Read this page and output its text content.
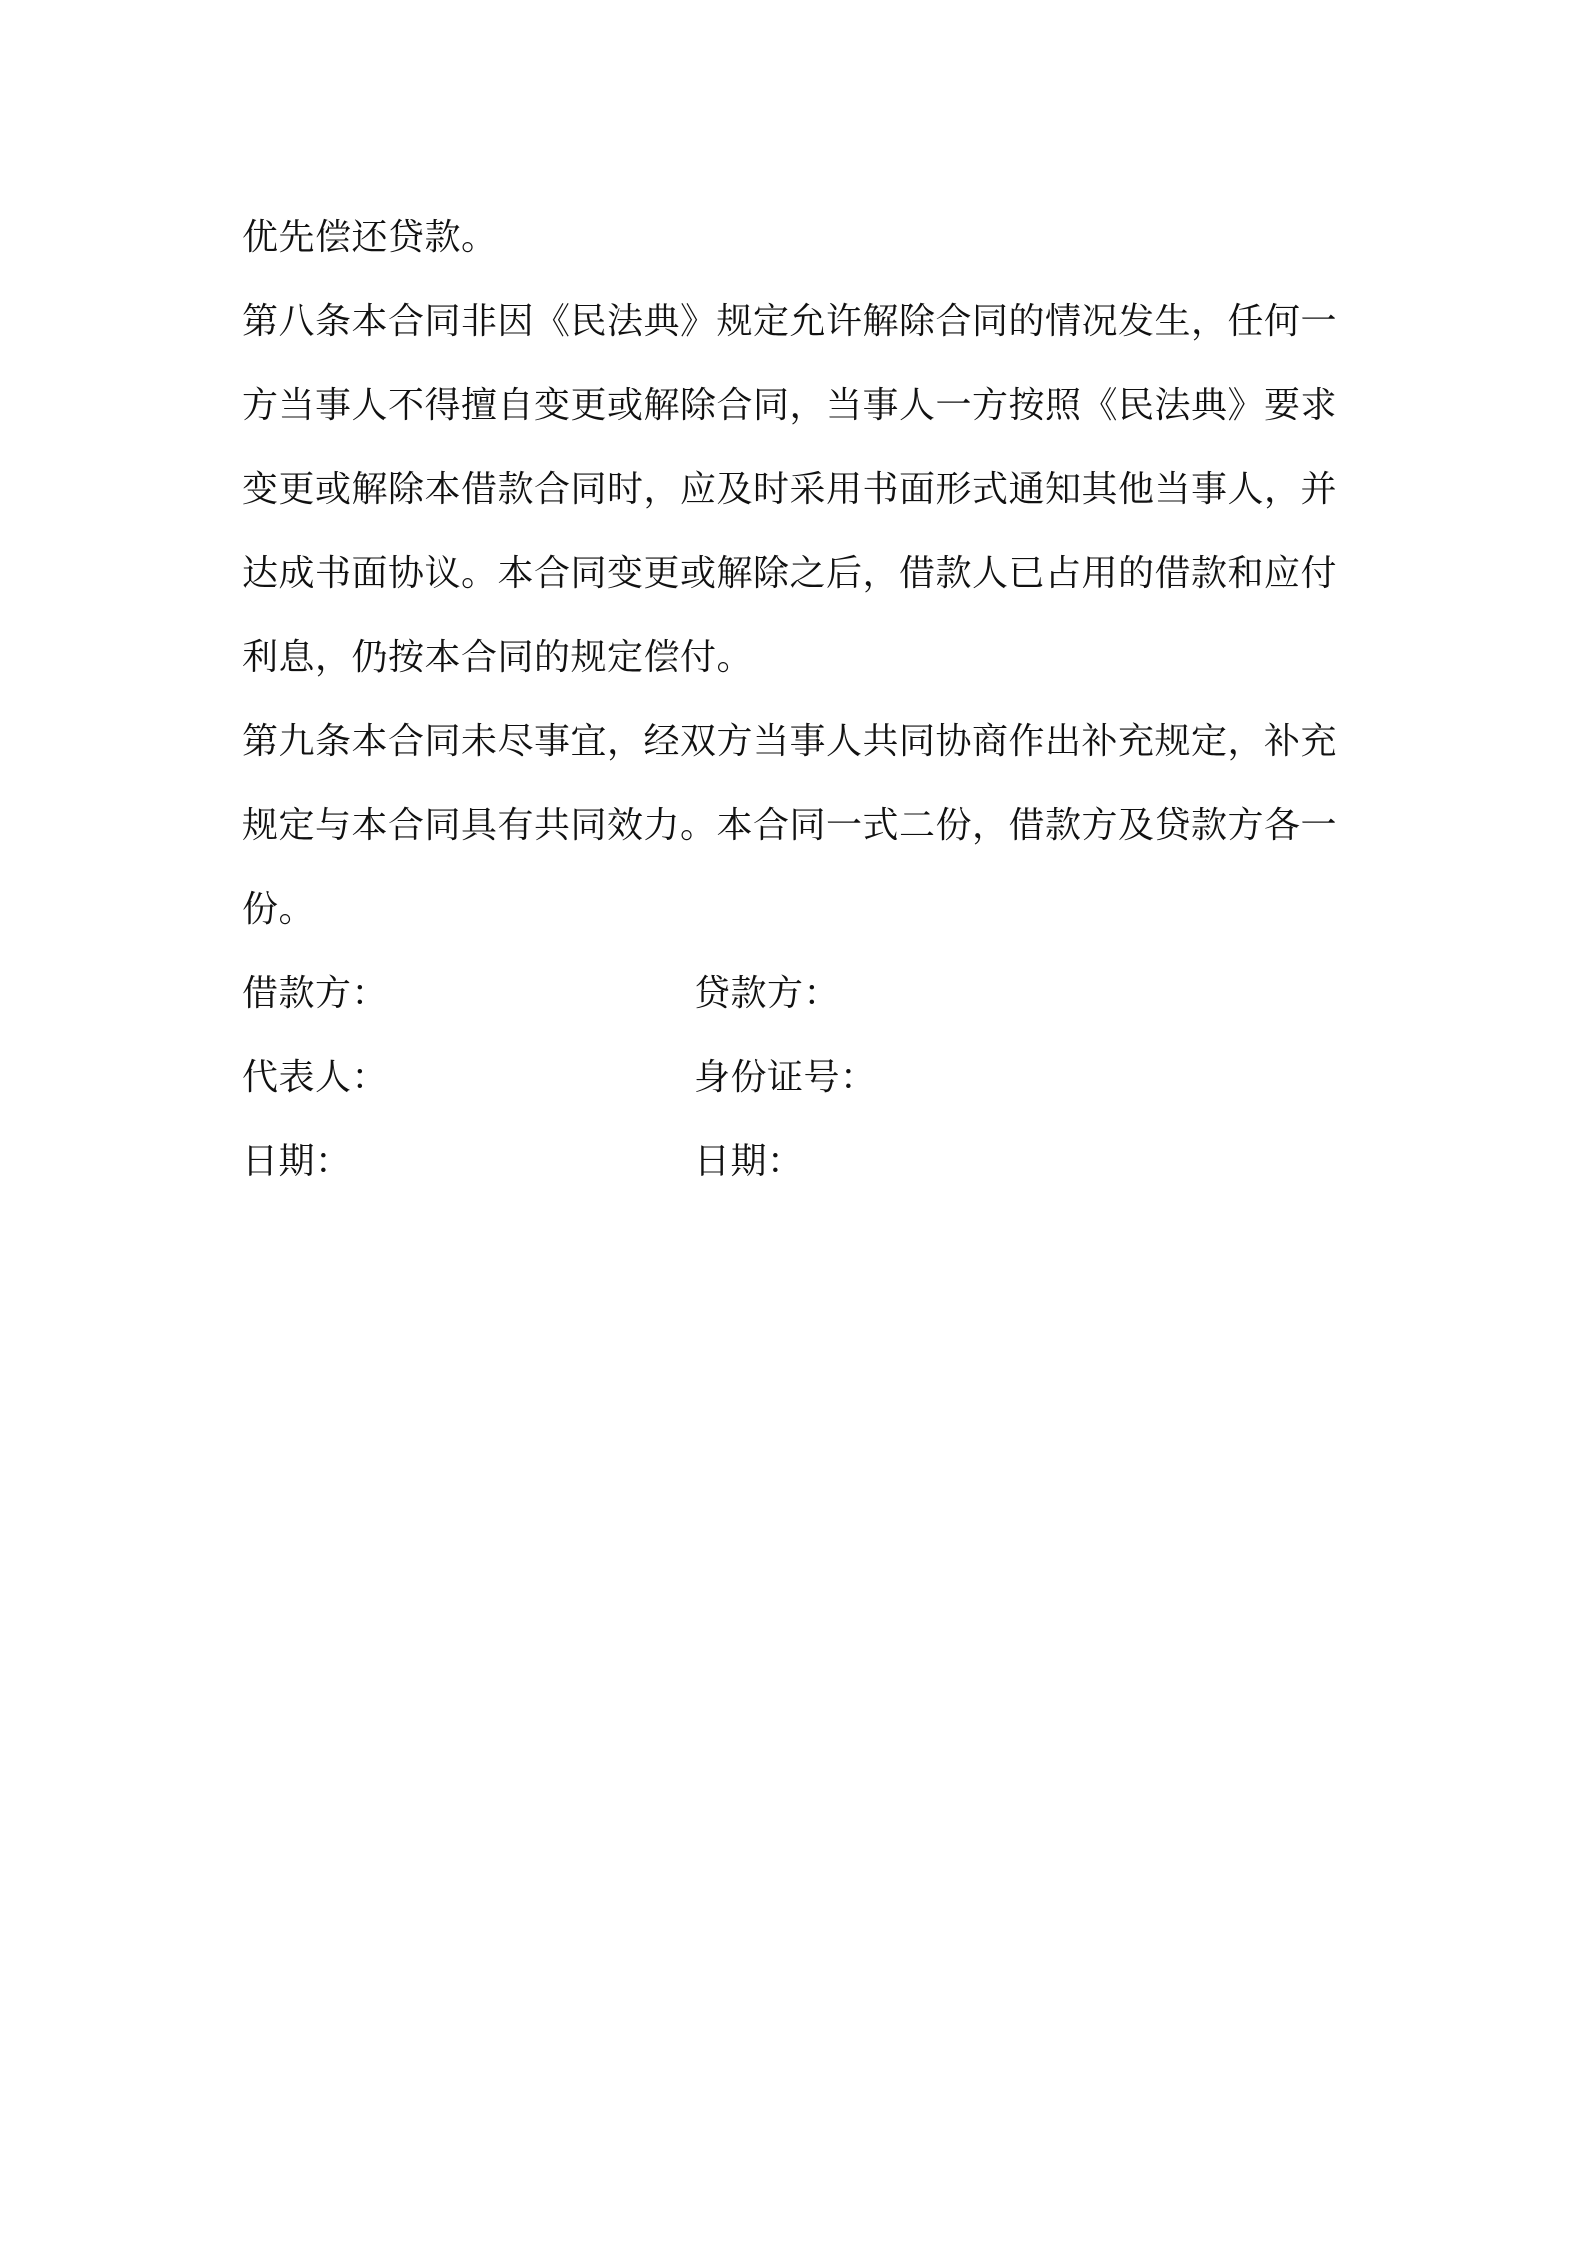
优先偿还贷款。

第八条本合同非因《民法典》规定允许解除合同的情况发生，任何一方当事人不得擅自变更或解除合同，当事人一方按照《民法典》要求变更或解除本借款合同时，应及时采用书面形式通知其他当事人，并达成书面协议。本合同变更或解除之后，借款人已占用的借款和应付利息，仍按本合同的规定偿付。

第九条本合同未尽事宜，经双方当事人共同协商作出补充规定，补充规定与本合同具有共同效力。本合同一式二份，借款方及贷款方各一份。

借款方：	贷款方：
代表人：	身份证号：
日期：	日期：
